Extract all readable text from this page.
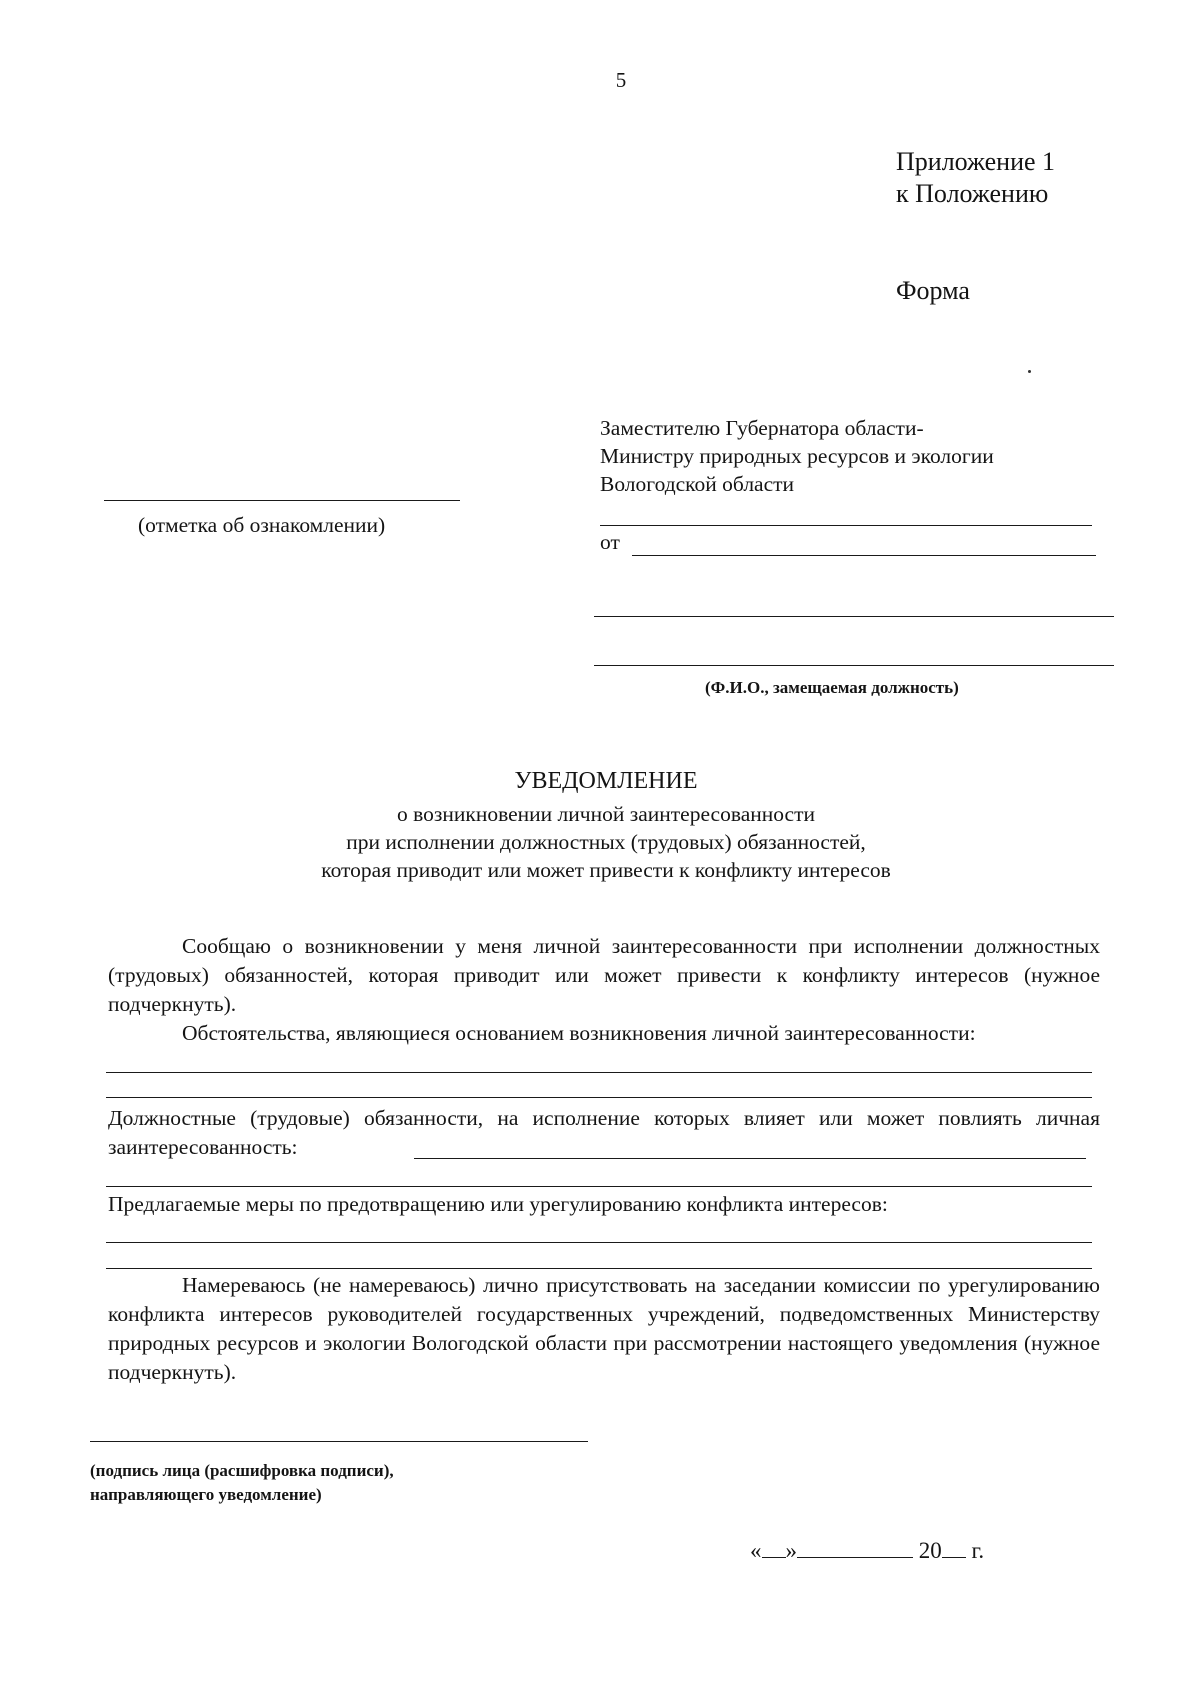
5
Приложение 1
к Положению
Форма
Заместителю Губернатора области-
Министру природных ресурсов и экологии
Вологодской области
(отметка об ознакомлении)
от
(Ф.И.О., замещаемая должность)
УВЕДОМЛЕНИЕ
о возникновении личной заинтересованности
при исполнении должностных (трудовых) обязанностей,
которая приводит или может привести к конфликту интересов
Сообщаю о возникновении у меня личной заинтересованности при исполнении должностных (трудовых) обязанностей, которая приводит или может привести к конфликту интересов (нужное подчеркнуть).
Обстоятельства, являющиеся основанием возникновения личной заинтересованности:
Должностные (трудовые) обязанности, на исполнение которых влияет или может повлиять личная заинтересованность:
Предлагаемые меры по предотвращению или урегулированию конфликта интересов:
Намереваюсь (не намереваюсь) лично присутствовать на заседании комиссии по урегулированию конфликта интересов руководителей государственных учреждений, подведомственных Министерству природных ресурсов и экологии Вологодской области при рассмотрении настоящего уведомления (нужное подчеркнуть).
(подпись лица (расшифровка подписи),
направляющего уведомление)
« »	20 г.
